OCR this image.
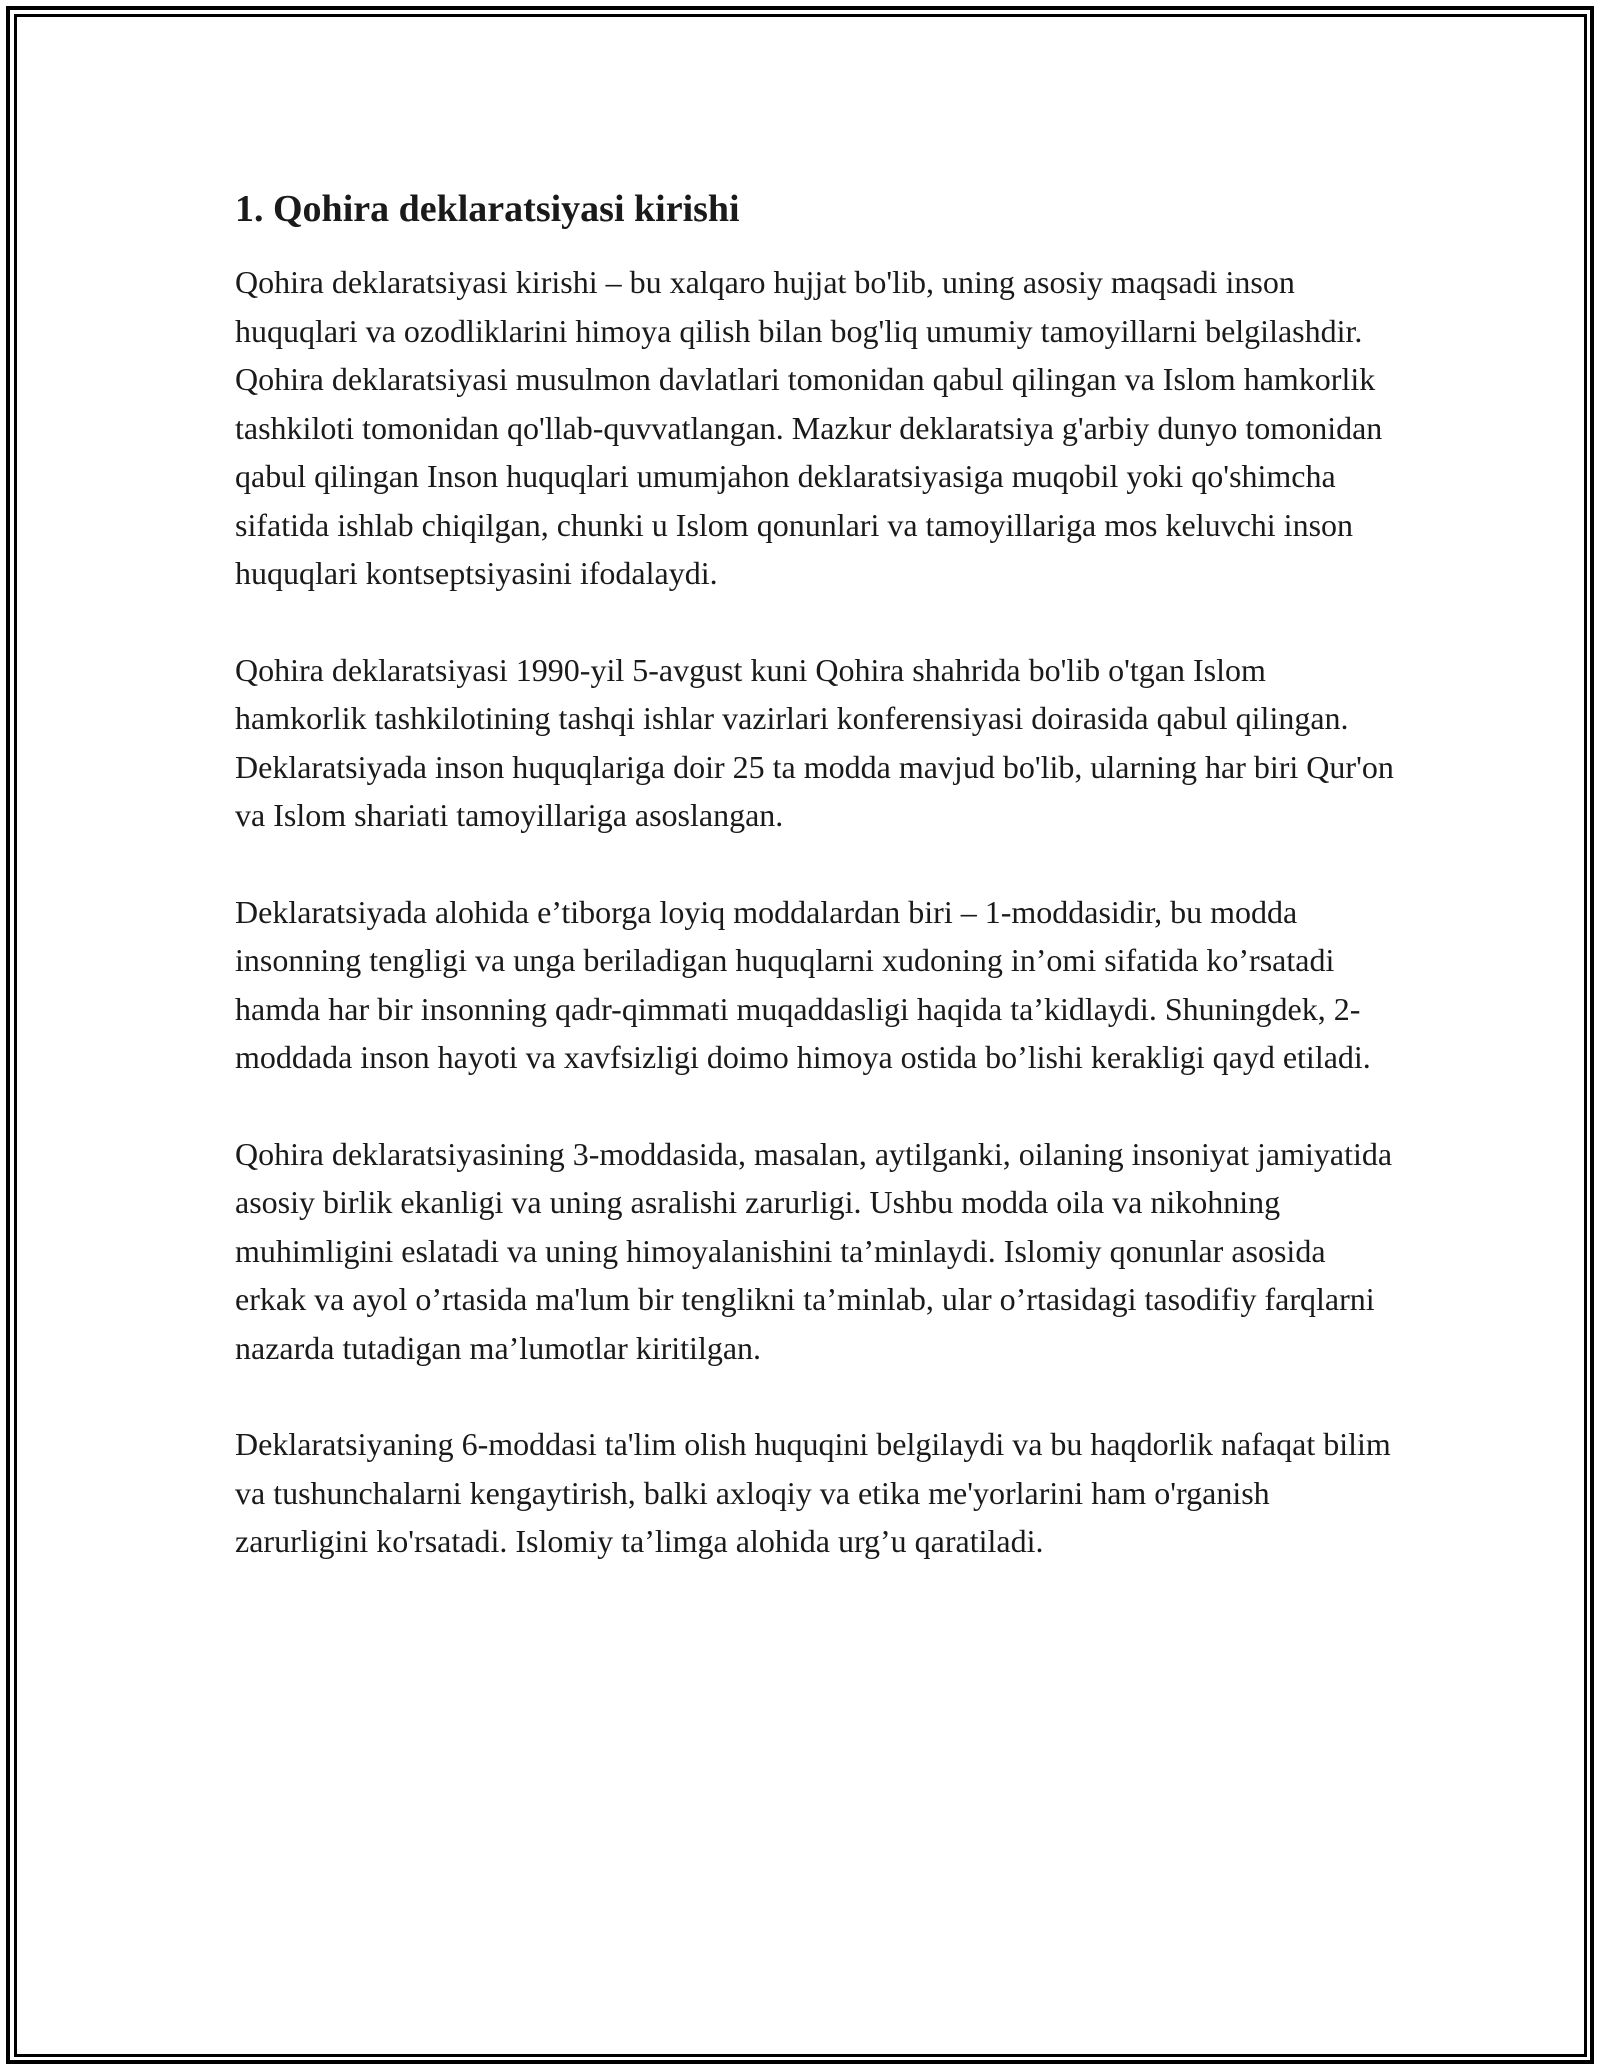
1. Qohira deklaratsiyasi kirishi

Qohira deklaratsiyasi kirishi – bu xalqaro hujjat bo'lib, uning asosiy maqsadi inson huquqlari va ozodliklarini himoya qilish bilan bog'liq umumiy tamoyillarni belgilashdir. Qohira deklaratsiyasi musulmon davlatlari tomonidan qabul qilingan va Islom hamkorlik tashkiloti tomonidan qo'llab-quvvatlangan. Mazkur deklaratsiya g'arbiy dunyo tomonidan qabul qilingan Inson huquqlari umumjahon deklaratsiyasiga muqobil yoki qo'shimcha sifatida ishlab chiqilgan, chunki u Islom qonunlari va tamoyillariga mos keluvchi inson huquqlari kontseptsiyasini ifodalaydi.

Qohira deklaratsiyasi 1990-yil 5-avgust kuni Qohira shahrida bo'lib o'tgan Islom hamkorlik tashkilotining tashqi ishlar vazirlari konferensiyasi doirasida qabul qilingan. Deklaratsiyada inson huquqlariga doir 25 ta modda mavjud bo'lib, ularning har biri Qur'on va Islom shariati tamoyillariga asoslangan.

Deklaratsiyada alohida e’tiborga loyiq moddalardan biri – 1-moddasidir, bu modda insonning tengligi va unga beriladigan huquqlarni xudoning in’omi sifatida ko’rsatadi hamda har bir insonning qadr-qimmati muqaddasligi haqida ta’kidlaydi. Shuningdek, 2-moddada inson hayoti va xavfsizligi doimo himoya ostida bo’lishi kerakligi qayd etiladi.

Qohira deklaratsiyasining 3-moddasida, masalan, aytilganki, oilaning insoniyat jamiyatida asosiy birlik ekanligi va uning asralishi zarurligi. Ushbu modda oila va nikohning muhimligini eslatadi va uning himoyalanishini ta’minlaydi. Islomiy qonunlar asosida erkak va ayol o’rtasida ma'lum bir tenglikni ta’minlab, ular o’rtasidagi tasodifiy farqlarni nazarda tutadigan ma’lumotlar kiritilgan.

Deklaratsiyaning 6-moddasi ta'lim olish huquqini belgilaydi va bu haqdorlik nafaqat bilim va tushunchalarni kengaytirish, balki axloqiy va etika me'yorlarini ham o'rganish zarurligini ko'rsatadi. Islomiy ta’limga alohida urg’u qaratiladi.
